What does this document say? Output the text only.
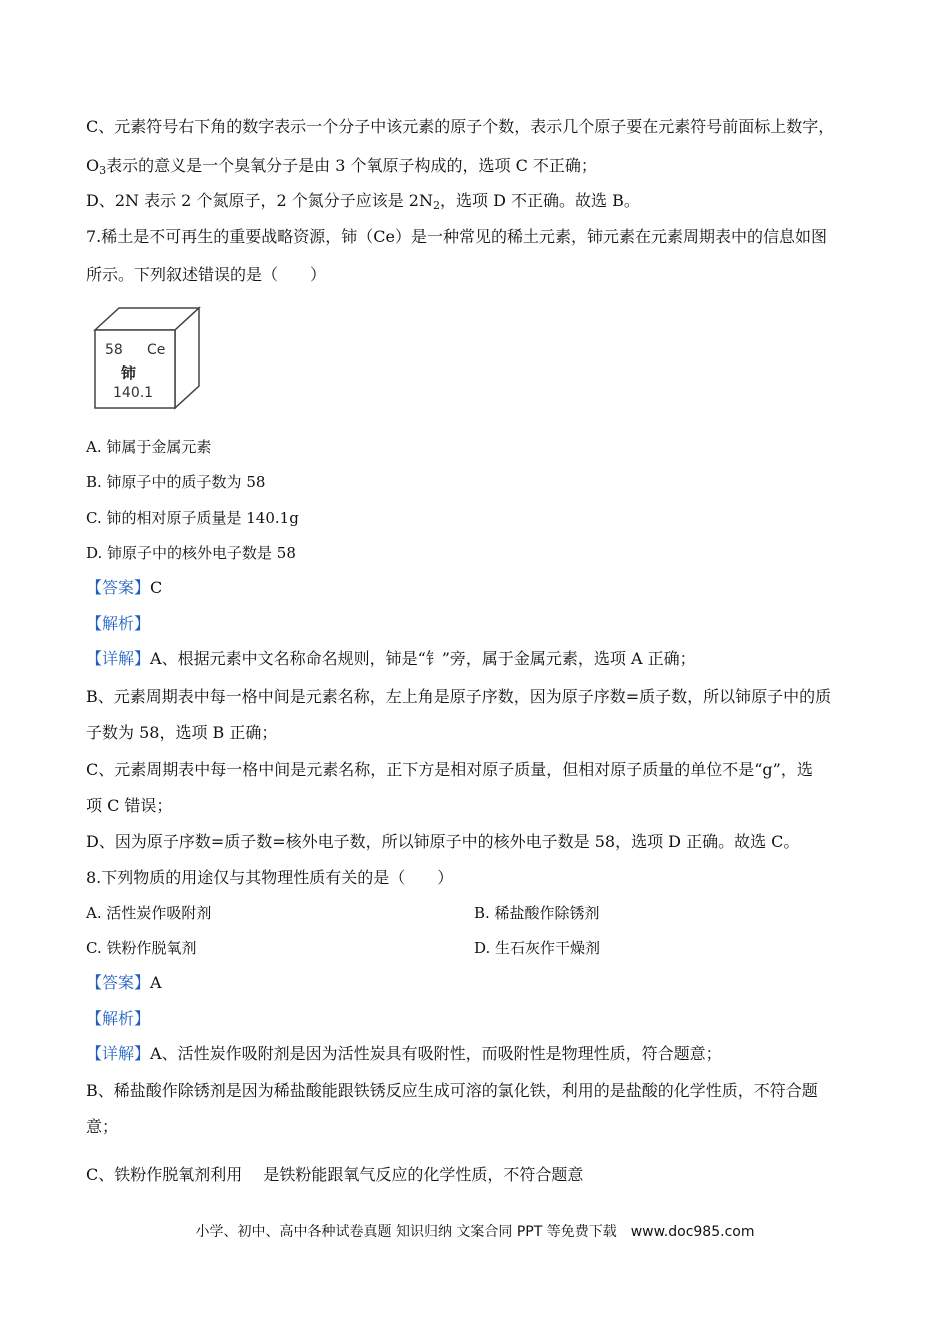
C、元素符号右下角的数字表示一个分子中该元素的原子个数，表示几个原子要在元素符号前面标上数字，
$O_3$表示的意义是一个臭氧分子是由 3 个氧原子构成的，选项 C 不正确；
D、2N 表示 2 个氮原子，2 个氮分子应该是 $2N_2$，选项 D 不正确。故选 B。
7.稀土是不可再生的重要战略资源，铈（Ce）是一种常见的稀土元素，铈元素在元素周期表中的信息如图
所示。下列叙述错误的是（　　）
58 Ce
铈
140.1
A. 铈属于金属元素
B. 铈原子中的质子数为 58
C. 铈的相对原子质量是 140.1g
D. 铈原子中的核外电子数是 58
【答案】C
【解析】
【详解】A、根据元素中文名称命名规则，铈是“钅”旁，属于金属元素，选项 A 正确；
B、元素周期表中每一格中间是元素名称，左上角是原子序数，因为原子序数=质子数，所以铈原子中的质
子数为 58，选项 B 正确；
C、元素周期表中每一格中间是元素名称，正下方是相对原子质量，但相对原子质量的单位不是“g”，选
项 C 错误；
D、因为原子序数=质子数=核外电子数，所以铈原子中的核外电子数是 58，选项 D 正确。故选 C。
8.下列物质的用途仅与其物理性质有关的是（　　）
A. 活性炭作吸附剂	B. 稀盐酸作除锈剂
C. 铁粉作脱氧剂	D. 生石灰作干燥剂
【答案】A
【解析】
【详解】A、活性炭作吸附剂是因为活性炭具有吸附性，而吸附性是物理性质，符合题意；
B、稀盐酸作除锈剂是因为稀盐酸能跟铁锈反应生成可溶的氯化铁，利用的是盐酸的化学性质，不符合题
意；
C、铁粉作脱氧剂利用　 是铁粉能跟氧气反应的化学性质，不符合题意
小学、初中、高中各种试卷真题 知识归纳 文案合同 PPT 等免费下载　www.doc985.com
